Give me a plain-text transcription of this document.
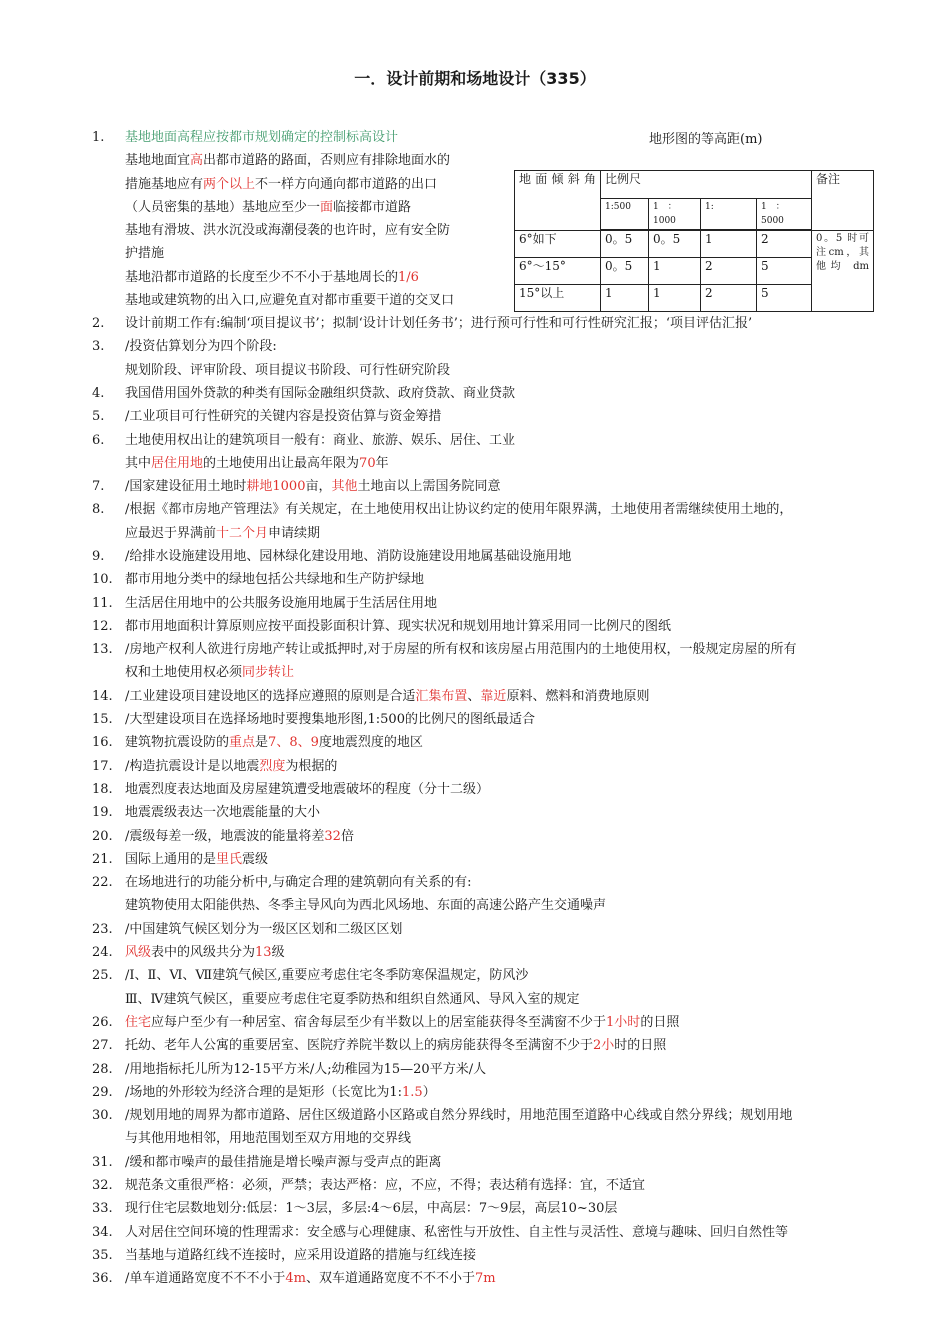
一．设计前期和场地设计（335）
1.	基地地面高程应按都市规划确定的控制标高设计
基地地面宜高出都市道路的路面，否则应有排除地面水的
措施基地应有两个以上不一样方向通向都市道路的出口
（人员密集的基地）基地应至少一面临接都市道路
基地有滑坡、洪水沉没或海潮侵袭的也许时，应有安全防
护措施
基地沿都市道路的长度至少不不小于基地周长的1/6
基地或建筑物的出入口,应避免直对都市重要干道的交叉口
地形图的等高距(m)
地 面 倾 斜 角	比例尺				备注
	1:500	1　：1000	1:	1　：5000	
6°如下	0。5	0。5	1	2	0。5 时可 注cm，其他均 dm
6°～15°	0。5	1	2	5	
15°以上	1	1	2	5	
2.	设计前期工作有:编制‘项目提议书’；拟制‘设计计划任务书’；进行预可行性和可行性研究汇报；‘项目评估汇报’
3.	/投资估算划分为四个阶段:
规划阶段、评审阶段、项目提议书阶段、可行性研究阶段
4.	我国借用国外贷款的种类有国际金融组织贷款、政府贷款、商业贷款
5.	/工业项目可行性研究的关键内容是投资估算与资金筹措
6.	土地使用权出让的建筑项目一般有：商业、旅游、娱乐、居住、工业
其中居住用地的土地使用出让最高年限为70年
7.	/国家建设征用土地时耕地1000亩，其他土地亩以上需国务院同意
8.	/根据《都市房地产管理法》有关规定，在土地使用权出让协议约定的使用年限界满，土地使用者需继续使用土地的，
应最迟于界满前十二个月申请续期
9.	/给排水设施建设用地、园林绿化建设用地、消防设施建设用地属基础设施用地
10. 都市用地分类中的绿地包括公共绿地和生产防护绿地
11. 生活居住用地中的公共服务设施用地属于生活居住用地
12. 都市用地面积计算原则应按平面投影面积计算、现实状况和规划用地计算采用同一比例尺的图纸
13. /房地产权利人欲进行房地产转让或抵押时,对于房屋的所有权和该房屋占用范围内的土地使用权，一般规定房屋的所有
权和土地使用权必须同步转让
14. /工业建设项目建设地区的选择应遵照的原则是合适汇集布置、靠近原料、燃料和消费地原则
15. /大型建设项目在选择场地时要搜集地形图,1:500的比例尺的图纸最适合
16. 建筑物抗震设防的重点是7、8、9度地震烈度的地区
17. /构造抗震设计是以地震烈度为根据的
18. 地震烈度表达地面及房屋建筑遭受地震破坏的程度（分十二级）
19. 地震震级表达一次地震能量的大小
20. /震级每差一级，地震波的能量将差32倍
21. 国际上通用的是里氏震级
22. 在场地进行的功能分析中,与确定合理的建筑朝向有关系的有:
建筑物使用太阳能供热、冬季主导风向为西北风场地、东面的高速公路产生交通噪声
23. /中国建筑气候区划分为一级区区划和二级区区划
24. 风级表中的风级共分为13级
25. /Ⅰ、Ⅱ、Ⅵ、Ⅶ建筑气候区,重要应考虑住宅冬季防寒保温规定，防风沙
Ⅲ、Ⅳ建筑气候区，重要应考虑住宅夏季防热和组织自然通风、导风入室的规定
26. 住宅应每户至少有一种居室、宿舍每层至少有半数以上的居室能获得冬至满窗不少于1小时的日照
27. 托幼、老年人公寓的重要居室、医院疗养院半数以上的病房能获得冬至满窗不少于2小时的日照
28. /用地指标托儿所为12-15平方米/人;幼稚园为15—20平方米/人
29. /场地的外形较为经济合理的是矩形（长宽比为1:1.5）
30. /规划用地的周界为都市道路、居住区级道路小区路或自然分界线时，用地范围至道路中心线或自然分界线；规划用地
与其他用地相邻，用地范围划至双方用地的交界线
31. /缓和都市噪声的最佳措施是增长噪声源与受声点的距离
32. 规范条文重很严格：必须，严禁；表达严格：应，不应，不得；表达稍有选择：宜，不适宜
33. 现行住宅层数地划分:低层：1～3层，多层:4～6层，中高层：7～9层，高层10~30层
34. 人对居住空间环境的性理需求：安全感与心理健康、私密性与开放性、自主性与灵活性、意境与趣味、回归自然性等
35. 当基地与道路红线不连接时，应采用设道路的措施与红线连接
36. /单车道通路宽度不不不小于4m、双车道通路宽度不不不小于7m
